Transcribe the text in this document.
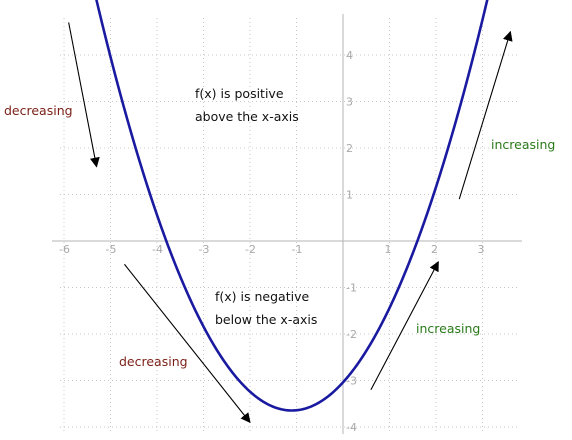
-6	-5	-4	-3	-2	-1	1	2	3
4
3
2
1
-1
-2
-3
-4
f(x) is positive
above the x-axis
f(x) is negative
below the x-axis
decreasing
decreasing
increasing
increasing
